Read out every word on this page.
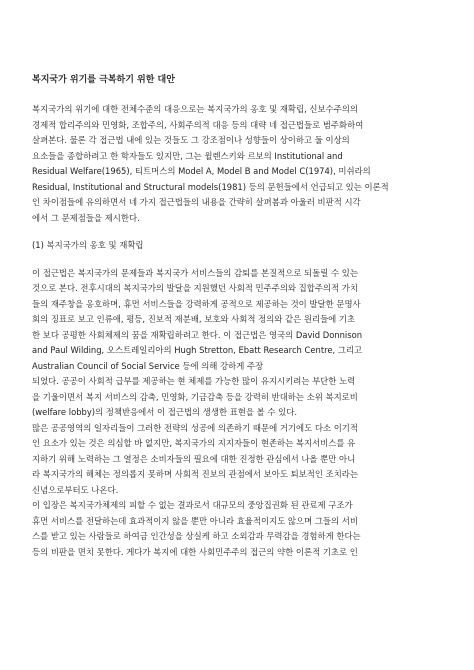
복지국가 위기를 극복하기 위한 대안
복지국가의 위기에 대한 전체수준의 대응으로는 복지국가의 옹호 및 재확립, 신보수주의의
경제적 합리주의와 민영화, 조합주의, 사회주의적 대응 등의 대략 네 접근법들로 범주화하여
살펴본다. 물론 각 접근법 내에 있는 것들도 그 강조점이나 성향들이 상이하고 둘 이상의
요소들을 종합하려고 한 학자들도 있지만, 그는 윌렌스키와 르보의 Institutional and
Residual Welfare(1965), 티트머스의 Model A, Model B and Model C(1974), 미쉬라의
Residual, Institutional and Structural models(1981) 등의 문헌들에서 언급되고 있는 이론적
인 차이점들에 유의하면서 네 가지 접근법들의 내용을 간략히 살펴봄과 아울러 비판적 시각
에서 그 문제점들을 제시한다.
(1) 복지국가의 옹호 및 재확립
이 접근법은 복지국가의 문제들과 복지국가 서비스들의 감퇴를 본질적으로 되돌릴 수 있는
것으로 본다. 전후시대의 복지국가의 발달을 지원했던 사회적 민주주의와 집합주의적 가치
들의 재주창을 옹호하며, 휴먼 서비스들을 강력하게 공적으로 제공하는 것이 발달한 문명사
회의 징표로 보고 인류애, 평등, 진보적 재분배, 보호와 사회적 정의와 같은 원리들에 기초
한 보다 공평한 사회체제의 꿈을 재확립하려고 한다. 이 접근법은 영국의 David Donnison
and Paul Wilding, 오스트레일리아의 Hugh Stretton, Ebatt Research Centre, 그리고
Australian Council of Social Service 등에 의해 강하게 주장
되었다. 공공이 사회적 급부를 제공하는 현 체제를 가능한 많이 유지시키려는 부단한 노력
을 기울이면서 복지 서비스의 감축, 민영화, 기금감축 등을 강력히 반대하는 소위 복지로비
(welfare lobby)의 정책반응에서 이 접근법의 생생한 표현을 볼 수 있다.
많은 공공영역의 일자리들이 그러한 전략의 성공에 의존하기 때문에 거기에도 다소 이기적
인 요소가 있는 것은 의심할 바 없지만, 복지국가의 지지자들이 현존하는 복지서비스를 유
지하기 위해 노력하는 그 열정은 소비자들의 필요에 대한 진정한 관심에서 나올 뿐만 아니
라 복지국가의 해체는 정의롭지 못하며 사회적 진보의 관점에서 보아도 퇴보적인 조치라는
신념으로부터도 나온다.
이 입장은 복지국가체제의 피할 수 없는 결과로서 대규모의 중앙집권화 된 관료제 구조가
휴먼 서비스를 전달하는데 효과적이지 않을 뿐만 아니라 효율적이지도 않으며 그들의 서비
스를 받고 있는 사람들로 하여금 인간성을 상실케 하고 소외감과 무력감을 경험하게 한다는
등의 비판을 면치 못한다. 게다가 복지에 대한 사회민주주의 접근의 약한 이론적 기초로 인
